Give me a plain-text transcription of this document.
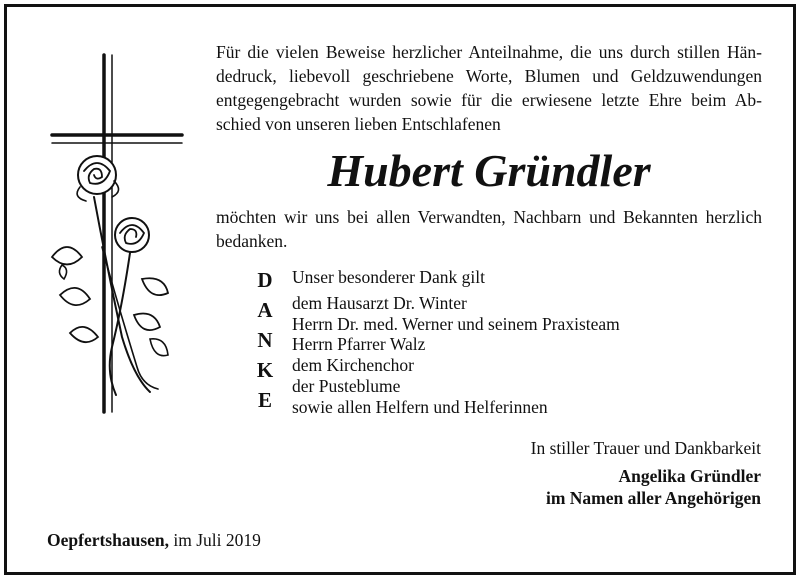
Für die vielen Beweise herzlicher Anteilnahme, die uns durch stillen Hän-
dedruck, liebevoll geschriebene Worte, Blumen und Geldzuwendungen
entgegengebracht wurden sowie für die erwiesene letzte Ehre beim Ab-
schied von unseren lieben Entschlafenen
Hubert Gründler
möchten wir uns bei allen Verwandten, Nachbarn und Bekannten herzlich
bedanken.
D
A
N
K
E
Unser besonderer Dank gilt
dem Hausarzt Dr. Winter
Herrn Dr. med. Werner und seinem Praxisteam
Herrn Pfarrer Walz
dem Kirchenchor
der Pusteblume
sowie allen Helfern und Helferinnen
In stiller Trauer und Dankbarkeit
Angelika Gründler
im Namen aller Angehörigen
Oepfertshausen, im Juli 2019
